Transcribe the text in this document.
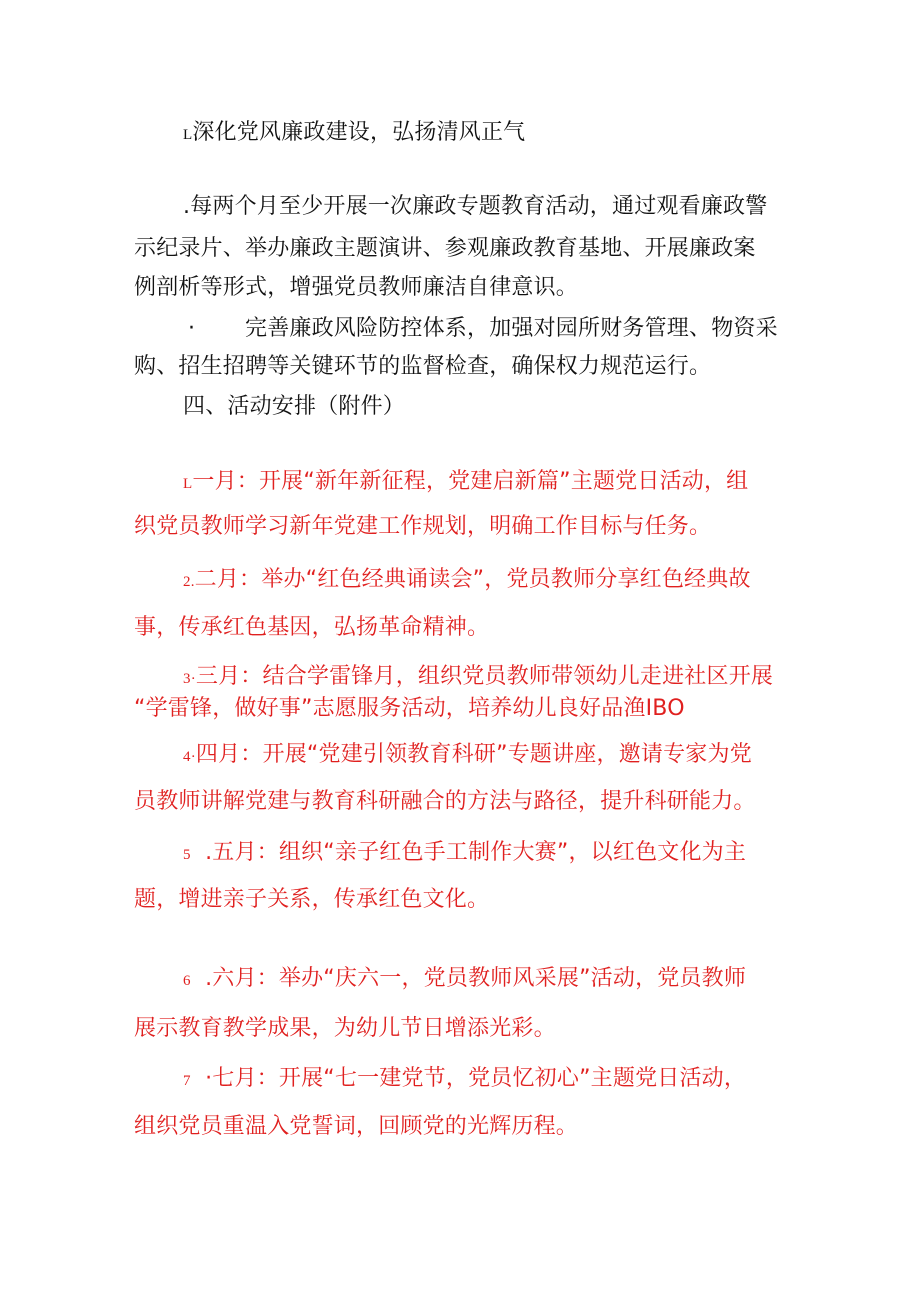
L深化党风廉政建设，弘扬清风正气
.每两个月至少开展一次廉政专题教育活动，通过观看廉政警
示纪录片、举办廉政主题演讲、参观廉政教育基地、开展廉政案
例剖析等形式，增强党员教师廉洁自律意识。
· 完善廉政风险防控体系，加强对园所财务管理、物资采
购、招生招聘等关键环节的监督检查，确保权力规范运行。
四、活动安排（附件）
L一月：开展“新年新征程，党建启新篇”主题党日活动，组
织党员教师学习新年党建工作规划，明确工作目标与任务。
2.二月：举办“红色经典诵读会”，党员教师分享红色经典故
事，传承红色基因，弘扬革命精神。
3·三月：结合学雷锋月，组织党员教师带领幼儿走进社区开展
“学雷锋，做好事”志愿服务活动，培养幼儿良好品渔IBO
4·四月：开展“党建引领教育科研”专题讲座，邀请专家为党
员教师讲解党建与教育科研融合的方法与路径，提升科研能力。
5 .五月：组织“亲子红色手工制作大赛”，以红色文化为主
题，增进亲子关系，传承红色文化。
6 .六月：举办“庆六一，党员教师风采展”活动，党员教师
展示教育教学成果，为幼儿节日增添光彩。
7 ·七月：开展“七一建党节，党员忆初心”主题党日活动，
组织党员重温入党誓词，回顾党的光辉历程。
